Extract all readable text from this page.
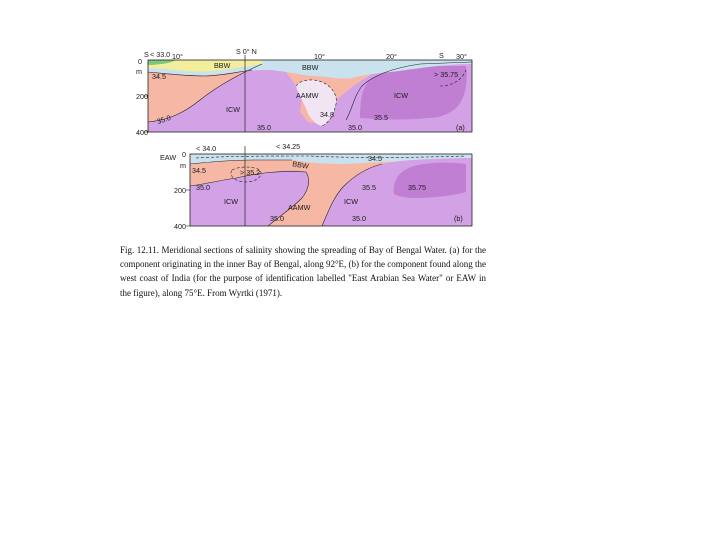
S	10°
S 0° N
10°	20°	S 30°
0
m
200
400
BBW	BBW
AAMW
ICW
ICW
< 33.0
34.5
35.0
35.0
34.8	35.5
35.0
> 35.75
(a)
EAW 0
m
200
400
BBW
ICW
AAMW
ICW
< 34.0	< 34.25
34.5
34.5
> 35.2
35.0	35.5	35.75
35.0	35.0	(b)

Fig. 12.11. Meridional sections of salinity showing the spreading of Bay of Bengal Water. (a) for the component originating in the inner Bay of Bengal, along 92°E, (b) for the component found along the west coast of India (for the purpose of identification labelled "East Arabian Sea Water" or EAW in the figure), along 75°E. From Wyrtki (1971).
